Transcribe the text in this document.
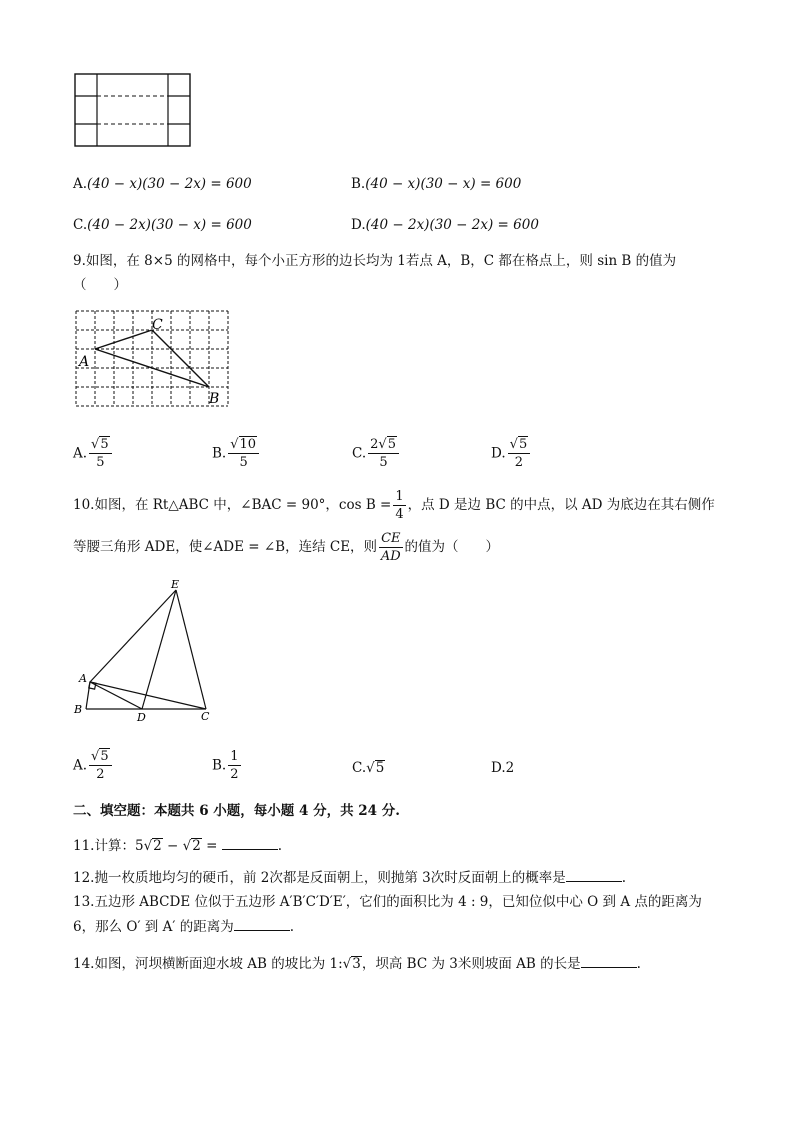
A.(40 − x)(30 − 2x) = 600	B.(40 − x)(30 − x) = 600
C.(40 − 2x)(30 − x) = 600	D.(40 − 2x)(30 − 2x) = 600
9.如图，在 8×5 的网格中，每个小正方形的边长均为 1若点 A，B，C 都在格点上，则 sin B 的值为
（　　）
A
C
B
A. $\frac{√5}{5}$	B. $\frac{√10}{5}$	C. $\frac{2√5}{5}$	D. $\frac{√5}{2}$
10.如图，在 Rt△ABC 中，∠BAC = 90°，$\cos B = \frac{1}{4}$ ，点 D 是边 BC 的中点，以 AD 为底边在其右侧作
等腰三角形 ADE，使∠ADE = ∠B，连结 CE，则 $\frac{CE}{AD}$ 的值为（　　）
E
A
B
D	C
A. $\frac{√5}{2}$	B. $\frac{1}{2}$	C.√5	D.2
二、填空题：本题共 6 小题，每小题 4 分，共 24 分.
11.计算：5√2 − √2 =	.
12.抛一枚质地均匀的硬币，前 2次都是反面朝上，则抛第 3次时反面朝上的概率是	.
13.五边形 ABCDE 位似于五边形 A′B′C′D′E′，它们的面积比为 4 : 9，已知位似中心 O 到 A 点的距离为
6，那么 O′ 到 A′ 的距离为	.
14.如图，河坝横断面迎水坡 AB 的坡比为 1:√3，坝高 BC 为 3米则坡面 AB 的长是	.
